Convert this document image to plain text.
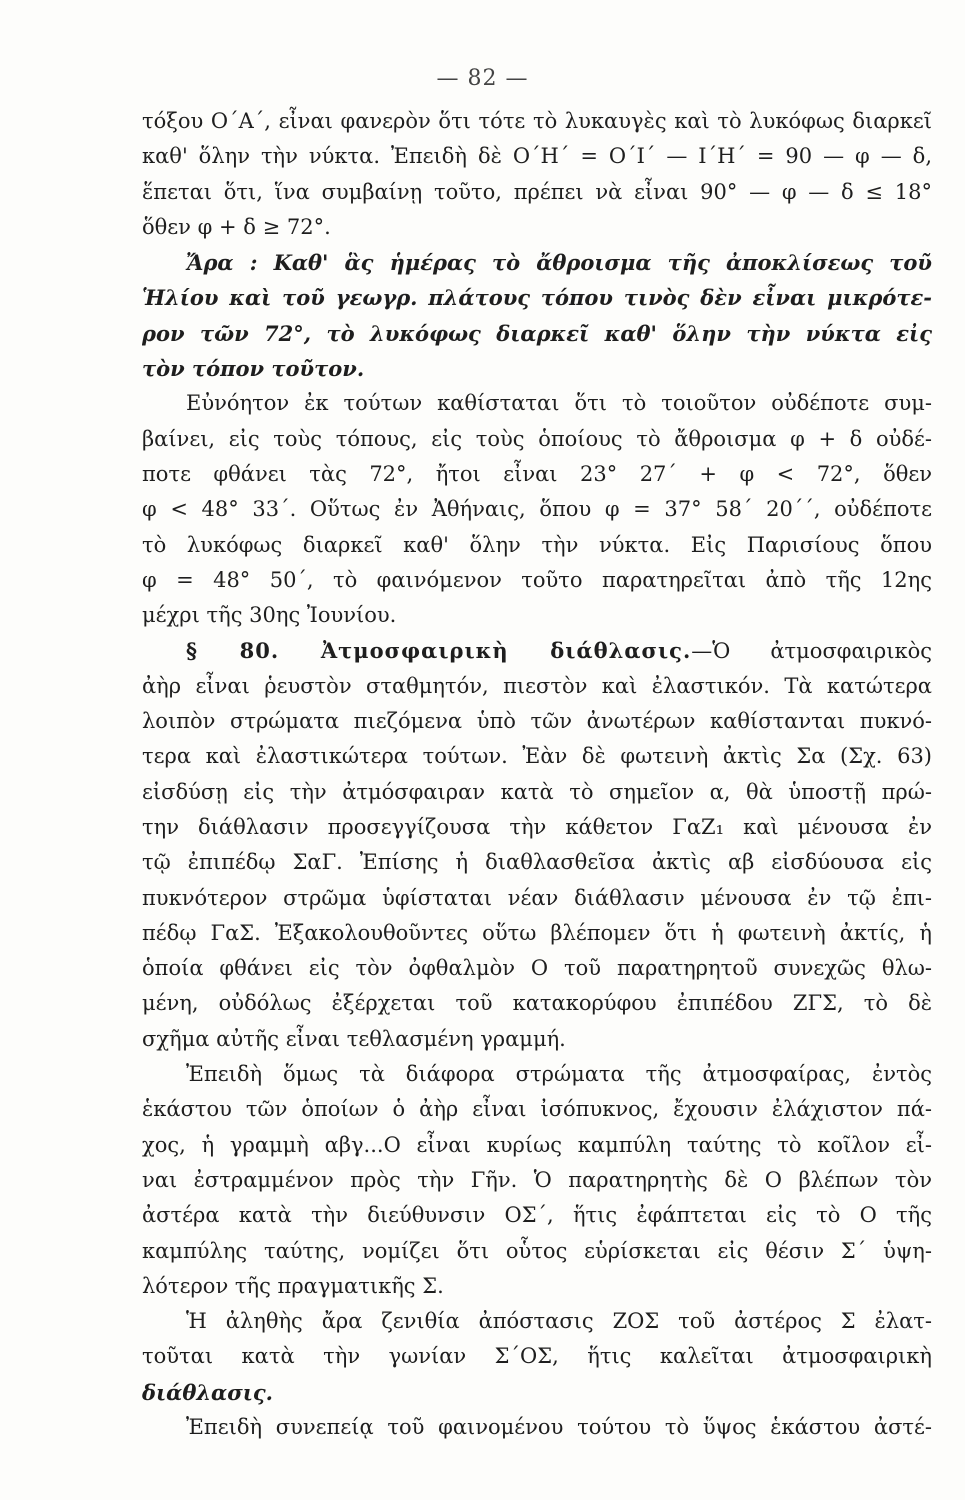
— 82 —
τόξου Ο΄Α΄, εἶναι φανερὸν ὅτι τότε τὸ λυκαυγὲς καὶ τὸ λυκόφως διαρκεῖ
καθ' ὅλην τὴν νύκτα. Ἐπειδὴ δὲ Ο΄Η΄ = Ο΄Ι΄ — Ι΄Η΄ = 90 — φ — δ,
ἕπεται ὅτι, ἵνα συμβαίνῃ τοῦτο, πρέπει νὰ εἶναι 90° — φ — δ ≤ 18°
ὅθεν φ + δ ≥ 72°.
Ἄρα : Καθ' ἃς ἡμέρας τὸ ἄθροισμα τῆς ἀποκλίσεως τοῦ
Ἡλίου καὶ τοῦ γεωγρ. πλάτους τόπου τινὸς δὲν εἶναι μικρότε-
ρον τῶν 72°, τὸ λυκόφως διαρκεῖ καθ' ὅλην τὴν νύκτα εἰς
τὸν τόπον τοῦτον.
Εὐνόητον ἐκ τούτων καθίσταται ὅτι τὸ τοιοῦτον οὐδέποτε συμ-
βαίνει, εἰς τοὺς τόπους, εἰς τοὺς ὁποίους τὸ ἄθροισμα φ + δ οὐδέ-
ποτε φθάνει τὰς 72°, ἤτοι εἶναι 23° 27΄ + φ < 72°, ὅθεν
φ < 48° 33΄. Οὕτως ἐν Ἀθήναις, ὅπου φ = 37° 58΄ 20΄΄, οὐδέποτε
τὸ λυκόφως διαρκεῖ καθ' ὅλην τὴν νύκτα. Εἰς Παρισίους ὅπου
φ = 48° 50΄, τὸ φαινόμενον τοῦτο παρατηρεῖται ἀπὸ τῆς 12ης
μέχρι τῆς 30ης Ἰουνίου.
§ 80. Ἀτμοσφαιρικὴ διάθλασις.—Ὁ ἀτμοσφαιρικὸς
ἀὴρ εἶναι ῥευστὸν σταθμητόν, πιεστὸν καὶ ἐλαστικόν. Τὰ κατώτερα
λοιπὸν στρώματα πιεζόμενα ὑπὸ τῶν ἀνωτέρων καθίστανται πυκνό-
τερα καὶ ἐλαστικώτερα τούτων. Ἐὰν δὲ φωτεινὴ ἀκτὶς Σα (Σχ. 63)
εἰσδύσῃ εἰς τὴν ἀτμόσφαιραν κατὰ τὸ σημεῖον α, θὰ ὑποστῇ πρώ-
την διάθλασιν προσεγγίζουσα τὴν κάθετον ΓαΖ₁ καὶ μένουσα ἐν
τῷ ἐπιπέδῳ ΣαΓ. Ἐπίσης ἡ διαθλασθεῖσα ἀκτὶς αβ εἰσδύουσα εἰς
πυκνότερον στρῶμα ὑφίσταται νέαν διάθλασιν μένουσα ἐν τῷ ἐπι-
πέδῳ ΓαΣ. Ἐξακολουθοῦντες οὕτω βλέπομεν ὅτι ἡ φωτεινὴ ἀκτίς, ἡ
ὁποία φθάνει εἰς τὸν ὀφθαλμὸν Ο τοῦ παρατηρητοῦ συνεχῶς θλω-
μένη, οὐδόλως ἐξέρχεται τοῦ κατακορύφου ἐπιπέδου ΖΓΣ, τὸ δὲ
σχῆμα αὐτῆς εἶναι τεθλασμένη γραμμή.
Ἐπειδὴ ὅμως τὰ διάφορα στρώματα τῆς ἀτμοσφαίρας, ἐντὸς
ἑκάστου τῶν ὁποίων ὁ ἀὴρ εἶναι ἰσόπυκνος, ἔχουσιν ἐλάχιστον πά-
χος, ἡ γραμμὴ αβγ...Ο εἶναι κυρίως καμπύλη ταύτης τὸ κοῖλον εἶ-
ναι ἐστραμμένον πρὸς τὴν Γῆν. Ὁ παρατηρητὴς δὲ Ο βλέπων τὸν
ἀστέρα κατὰ τὴν διεύθυνσιν ΟΣ΄, ἥτις ἐφάπτεται εἰς τὸ Ο τῆς
καμπύλης ταύτης, νομίζει ὅτι οὗτος εὑρίσκεται εἰς θέσιν Σ΄ ὑψη-
λότερον τῆς πραγματικῆς Σ.
Ἡ ἀληθὴς ἄρα ζενιθία ἀπόστασις ΖΟΣ τοῦ ἀστέρος Σ ἐλατ-
τοῦται κατὰ τὴν γωνίαν Σ΄ΟΣ, ἥτις καλεῖται ἀτμοσφαιρικὴ
διάθλασις.
Ἐπειδὴ συνεπείᾳ τοῦ φαινομένου τούτου τὸ ὕψος ἑκάστου ἀστέ-
